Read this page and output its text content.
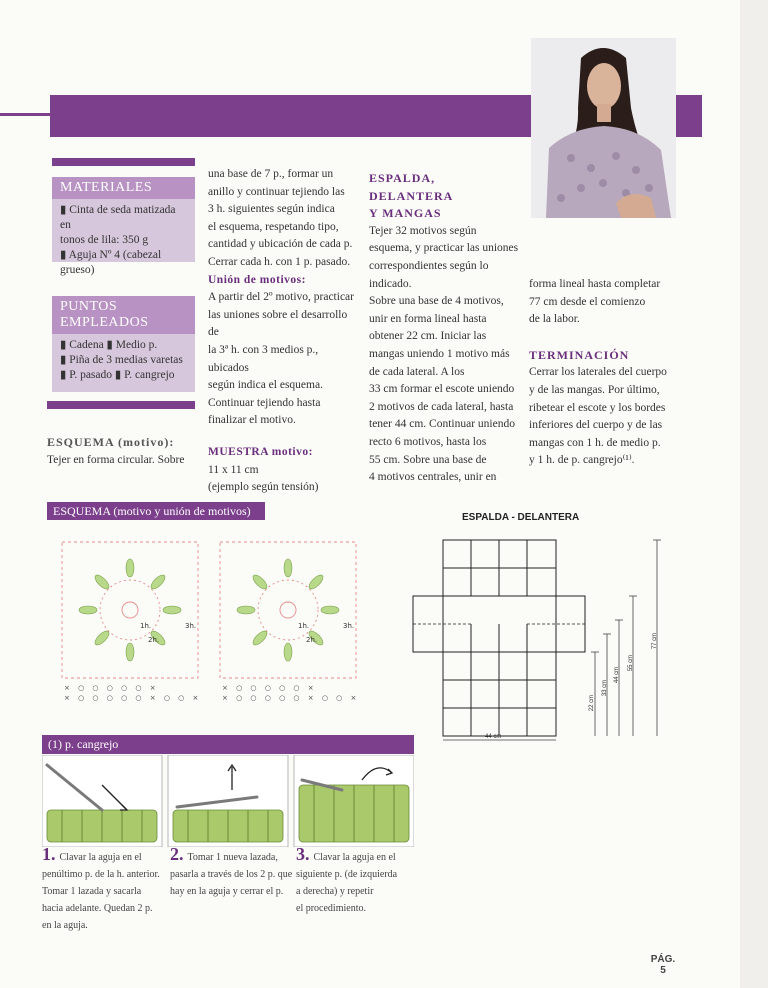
MATERIALES
▮ Cinta de seda matizada en
tonos de lila: 350 g
▮ Aguja Nº 4 (cabezal grueso)
PUNTOS EMPLEADOS
▮ Cadena ▮ Medio p.
▮ Piña de 3 medias varetas
▮ P. pasado ▮ P. cangrejo

ESQUEMA (motivo):

Tejer en forma circular. Sobre

una base de 7 p., formar un

anillo y continuar tejiendo las

3 h. siguientes según indica

el esquema, respetando tipo,

cantidad y ubicación de cada p.

Cerrar cada h. con 1 p. pasado.

Unión de motivos:

A partir del 2º motivo, practicar

las uniones sobre el desarrollo de

la 3ª h. con 3 medios p., ubicados

según indica el esquema.

Continuar tejiendo hasta

finalizar el motivo.

MUESTRA motivo:

11 x 11 cm

(ejemplo según tensión)

ESPALDA, DELANTERA

Y MANGAS

Tejer 32 motivos según

esquema, y practicar las uniones

correspondientes según lo

indicado.

Sobre una base de 4 motivos,

unir en forma lineal hasta

obtener 22 cm. Iniciar las

mangas uniendo 1 motivo más

de cada lateral. A los

33 cm formar el escote uniendo

2 motivos de cada lateral, hasta

tener 44 cm. Continuar uniendo

recto 6 motivos, hasta los

55 cm. Sobre una base de

4 motivos centrales, unir en

forma lineal hasta completar

77 cm desde el comienzo

de la labor.

TERMINACIÓN

Cerrar los laterales del cuerpo

y de las mangas. Por último,

ribetear el escote y los bordes

inferiores del cuerpo y de las

mangas con 1 h. de medio p.

y 1 h. de p. cangrejo⁽¹⁾.

ESQUEMA (motivo y unión de motivos)
× ○ ○ ○ ○ ○ ×	× ○ ○ ○ ○ ○ ×
× ○ ○ ○ ○ ○ × ○ ○ ×	× ○ ○ ○ ○ ○ × ○ ○ ×
1h.
2h.
3h.	1h.
2h.
3h.
ESPALDA - DELANTERA
44 cm
22 cm
33 cm
44 cm
55 cm
77 cm
(1) p. cangrejo
1. Clavar la aguja en el
penúltimo p. de la h. anterior.
Tomar 1 lazada y sacarla
hacia adelante. Quedan 2 p.
en la aguja.
2. Tomar 1 nueva lazada,
pasarla a través de los 2 p. que
hay en la aguja y cerrar el p.
3. Clavar la aguja en el
siguiente p. (de izquierda
a derecha) y repetir
el procedimiento.
PÁG.
5
